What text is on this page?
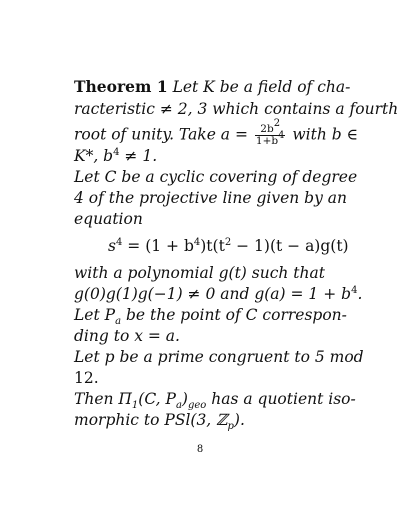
Theorem 1 Let K be a field of cha-
racteristic ≠ 2, 3 which contains a fourth
root of unity. Take $a = \frac{2b^2}{1+b^4}$ with b ∈
K*, $b^4 \ne 1$.
Let C be a cyclic covering of degree
4 of the projective line given by an
equation
$s^4 = (1 + b^4)t(t^2 - 1)(t - a)g(t)$
with a polynomial g(t) such that
g(0)g(1)g(−1) ≠ 0 and $g(a) = 1 + b^4$.
Let $P_a$ be the point of C correspon-
ding to x = a.
Let p be a prime congruent to 5 mod
12.
Then $\Pi_1(C$, $P_a)_{geo}$ has a quotient iso-
morphic to PSl(3, ℤ$_p$).
8
